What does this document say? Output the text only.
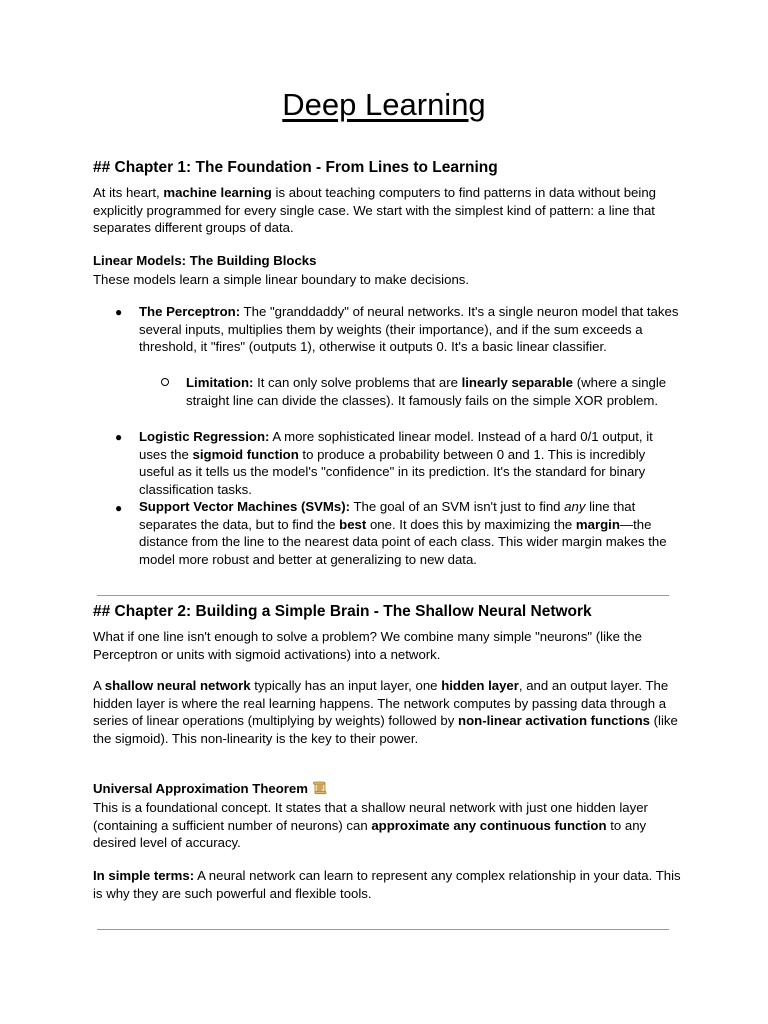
Deep Learning
## Chapter 1: The Foundation - From Lines to Learning
At its heart, machine learning is about teaching computers to find patterns in data without being explicitly programmed for every single case. We start with the simplest kind of pattern: a line that separates different groups of data.
Linear Models: The Building Blocks
These models learn a simple linear boundary to make decisions.
● The Perceptron: The "granddaddy" of neural networks. It's a single neuron model that takes several inputs, multiplies them by weights (their importance), and if the sum exceeds a threshold, it "fires" (outputs 1), otherwise it outputs 0. It's a basic linear classifier.
Limitation: It can only solve problems that are linearly separable (where a single straight line can divide the classes). It famously fails on the simple XOR problem.
● Logistic Regression: A more sophisticated linear model. Instead of a hard 0/1 output, it uses the sigmoid function to produce a probability between 0 and 1. This is incredibly useful as it tells us the model's "confidence" in its prediction. It's the standard for binary classification tasks.
● Support Vector Machines (SVMs): The goal of an SVM isn't just to find any line that separates the data, but to find the best one. It does this by maximizing the margin—the distance from the line to the nearest data point of each class. This wider margin makes the model more robust and better at generalizing to new data.
## Chapter 2: Building a Simple Brain - The Shallow Neural Network
What if one line isn't enough to solve a problem? We combine many simple "neurons" (like the Perceptron or units with sigmoid activations) into a network.
A shallow neural network typically has an input layer, one hidden layer, and an output layer. The hidden layer is where the real learning happens. The network computes by passing data through a series of linear operations (multiplying by weights) followed by non-linear activation functions (like the sigmoid). This non-linearity is the key to their power.
Universal Approximation Theorem
This is a foundational concept. It states that a shallow neural network with just one hidden layer (containing a sufficient number of neurons) can approximate any continuous function to any desired level of accuracy.
In simple terms: A neural network can learn to represent any complex relationship in your data. This is why they are such powerful and flexible tools.
